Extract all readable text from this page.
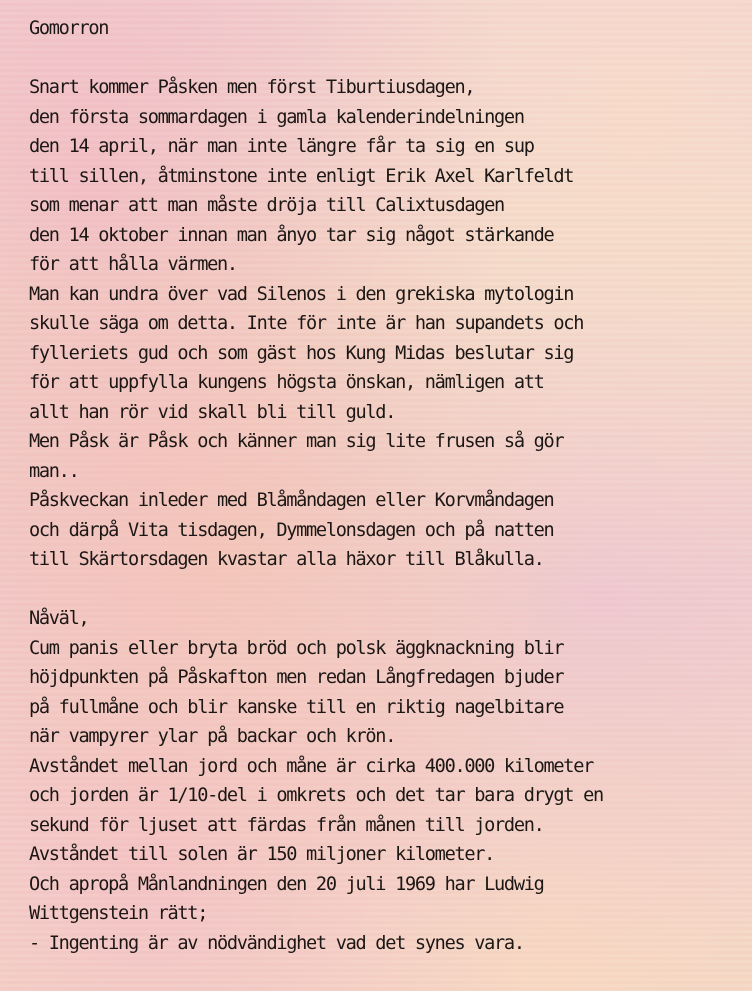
Gomorron
Snart kommer Påsken men först Tiburtiusdagen,
den första sommardagen i gamla kalenderindelningen
den 14 april, när man inte längre får ta sig en sup
till sillen, åtminstone inte enligt Erik Axel Karlfeldt
som menar att man måste dröja till Calixtusdagen
den 14 oktober innan man ånyo tar sig något stärkande
för att hålla värmen.
Man kan undra över vad Silenos i den grekiska mytologin
skulle säga om detta. Inte för inte är han supandets och
fylleriets gud och som gäst hos Kung Midas beslutar sig
för att uppfylla kungens högsta önskan, nämligen att
allt han rör vid skall bli till guld.
Men Påsk är Påsk och känner man sig lite frusen så gör
man..
Påskveckan inleder med Blåmåndagen eller Korvmåndagen
och därpå Vita tisdagen, Dymmelonsdagen och på natten
till Skärtorsdagen kvastar alla häxor till Blåkulla.
Nåväl,
Cum panis eller bryta bröd och polsk äggknackning blir
höjdpunkten på Påskafton men redan Långfredagen bjuder
på fullmåne och blir kanske till en riktig nagelbitare
när vampyrer ylar på backar och krön.
Avståndet mellan jord och måne är cirka 400.000 kilometer
och jorden är 1/10-del i omkrets och det tar bara drygt en
sekund för ljuset att färdas från månen till jorden.
Avståndet till solen är 150 miljoner kilometer.
Och apropå Månlandningen den 20 juli 1969 har Ludwig
Wittgenstein rätt;
- Ingenting är av nödvändighet vad det synes vara.
